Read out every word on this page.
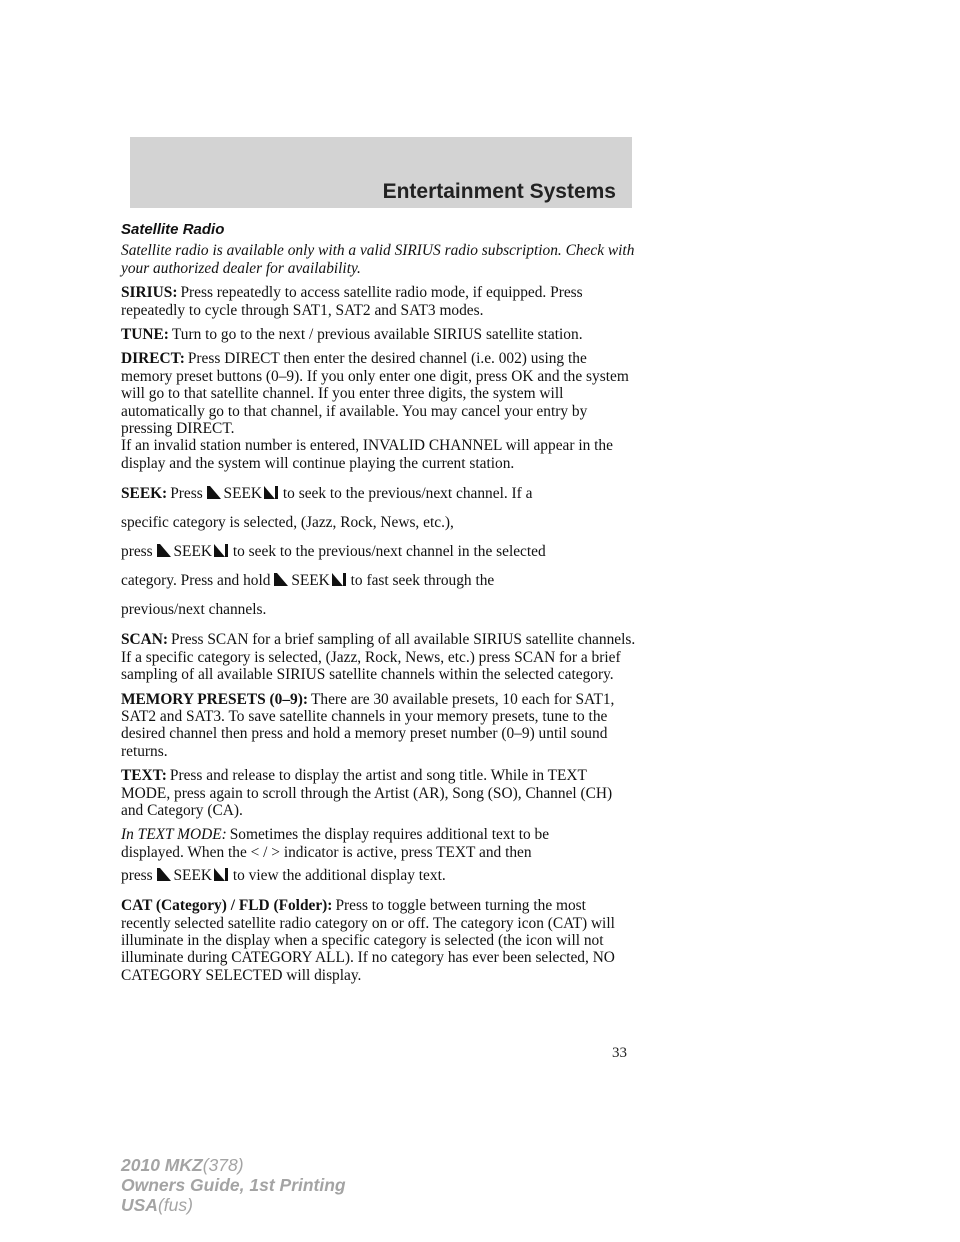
Entertainment Systems
Satellite Radio

Satellite radio is available only with a valid SIRIUS radio subscription. Check with your authorized dealer for availability.

SIRIUS: Press repeatedly to access satellite radio mode, if equipped. Press repeatedly to cycle through SAT1, SAT2 and SAT3 modes.

TUNE: Turn to go to the next / previous available SIRIUS satellite station.

DIRECT: Press DIRECT then enter the desired channel (i.e. 002) using the memory preset buttons (0–9). If you only enter one digit, press OK and the system will go to that satellite channel. If you enter three digits, the system will automatically go to that channel, if available. You may cancel your entry by pressing DIRECT.
If an invalid station number is entered, INVALID CHANNEL will appear in the display and the system will continue playing the current station.

SEEK: Press SEEK to seek to the previous/next channel. If a
specific category is selected, (Jazz, Rock, News, etc.),
press SEEK to seek to the previous/next channel in the selected
category. Press and hold SEEK to fast seek through the
previous/next channels.

SCAN: Press SCAN for a brief sampling of all available SIRIUS satellite channels. If a specific category is selected, (Jazz, Rock, News, etc.) press SCAN for a brief sampling of all available SIRIUS satellite channels within the selected category.

MEMORY PRESETS (0–9): There are 30 available presets, 10 each for SAT1, SAT2 and SAT3. To save satellite channels in your memory presets, tune to the desired channel then press and hold a memory preset number (0–9) until sound returns.

TEXT: Press and release to display the artist and song title. While in TEXT MODE, press again to scroll through the Artist (AR), Song (SO), Channel (CH) and Category (CA).

In TEXT MODE: Sometimes the display requires additional text to be
displayed. When the < / > indicator is active, press TEXT and then
press SEEK to view the additional display text.

CAT (Category) / FLD (Folder): Press to toggle between turning the most recently selected satellite radio category on or off. The category icon (CAT) will illuminate in the display when a specific category is selected (the icon will not illuminate during CATEGORY ALL). If no category has ever been selected, NO CATEGORY SELECTED will display.

33
2010 MKZ(378)
Owners Guide, 1st Printing
USA(fus)
